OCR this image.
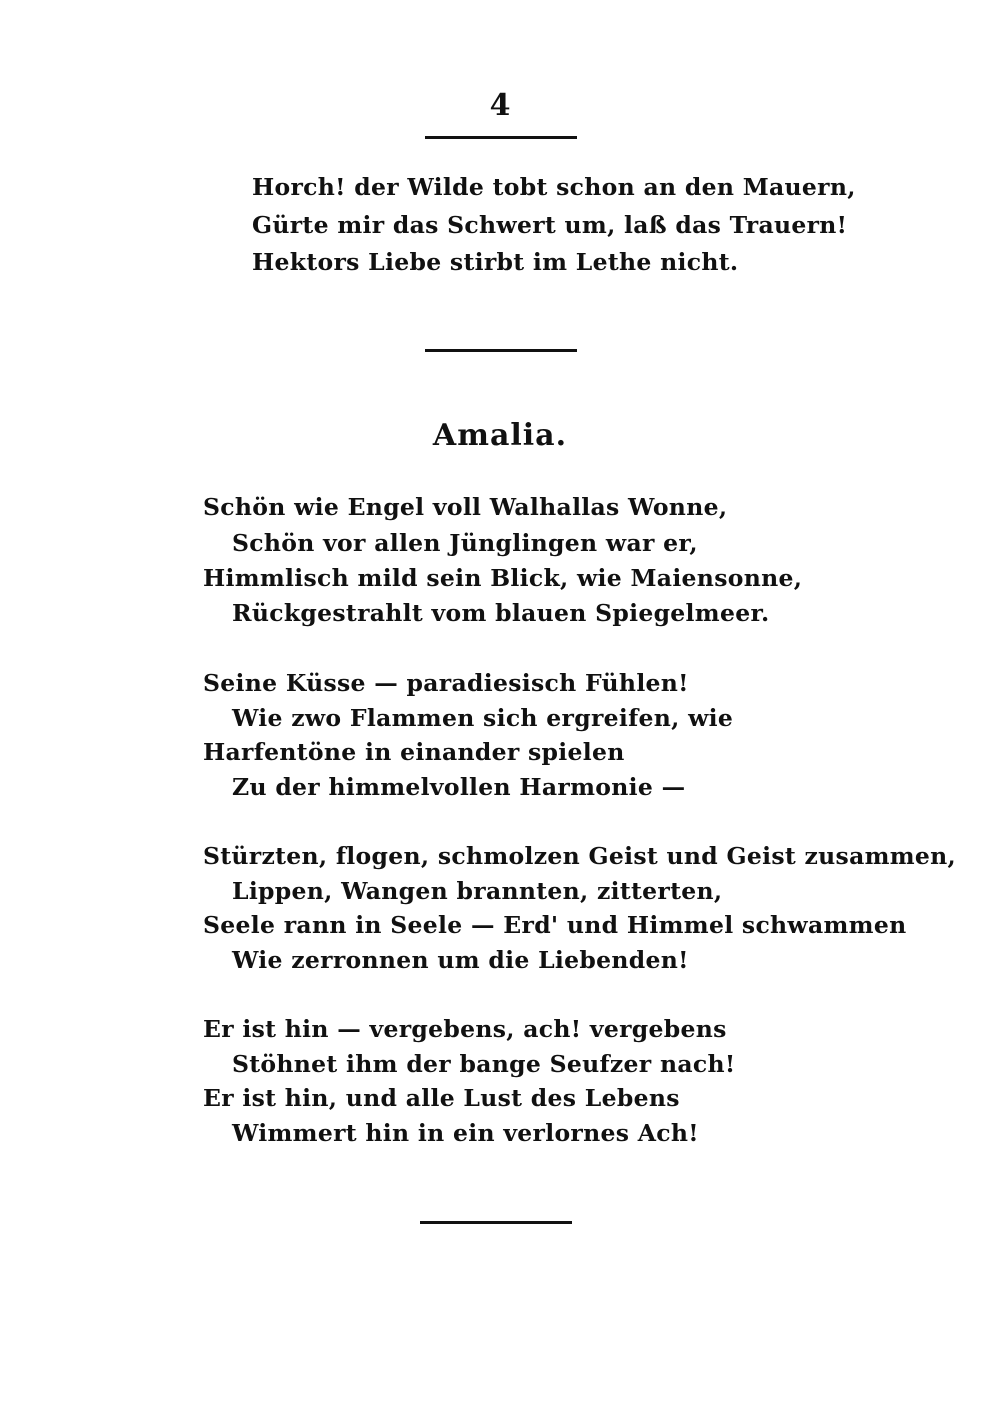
4
Horch! der Wilde tobt schon an den Mauern,
Gürte mir das Schwert um, laß das Trauern!
Hektors Liebe stirbt im Lethe nicht.
Amalia.
Schön wie Engel voll Walhallas Wonne,
Schön vor allen Jünglingen war er,
Himmlisch mild sein Blick, wie Maiensonne,
Rückgestrahlt vom blauen Spiegelmeer.
Seine Küsse — paradiesisch Fühlen!
Wie zwo Flammen sich ergreifen, wie
Harfentöne in einander spielen
Zu der himmelvollen Harmonie —
Stürzten, flogen, schmolzen Geist und Geist zusammen,
Lippen, Wangen brannten, zitterten,
Seele rann in Seele — Erd' und Himmel schwammen
Wie zerronnen um die Liebenden!
Er ist hin — vergebens, ach! vergebens
Stöhnet ihm der bange Seufzer nach!
Er ist hin, und alle Lust des Lebens
Wimmert hin in ein verlornes Ach!
